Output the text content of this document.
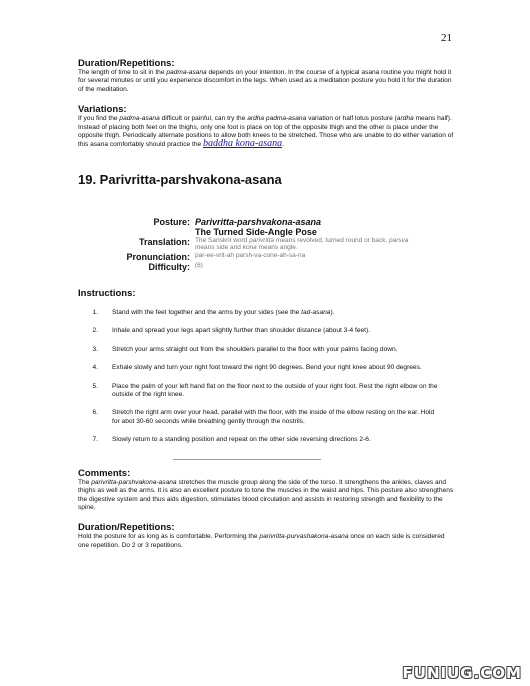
21
Duration/Repetitions:

The length of time to sit in the padma-asana depends on your intention. In the course of a typical asana routine you might hold it for several minutes or until you experience discomfort in the legs. When used as a meditation posture you hold it for the duration of the meditation.

Variations:

If you find the padma-asana difficult or painful, can try the ardha padma-asana variation or half lotus posture (ardha means half). Instead of placing both feet on the thighs, only one foot is place on top of the opposite thigh and the other is place under the opposite thigh. Periodically alternate positions to allow both knees to be stretched. Those who are unable to do either variation of this asana comfortably should practice the baddha kona-asana.

19. Parivritta-parshvakona-asana
Posture: Parivritta-parshvakona-asana
The Turned Side-Angle Pose
Translation: The Sanskrit word parivritta means revolved, turned round or back, parsva means side and kona means angle.
Pronunciation: par-ee-vrit-ah parsh-va-cone-ah-sa-na
Difficulty: (6)
Instructions:
1.	Stand with the feet together and the arms by your sides (see the tad-asana).
2.	Inhale and spread your legs apart slightly further than shoulder distance (about 3-4 feet).
3.	Stretch your arms straight out from the shoulders parallel to the floor with your palms facing down.
4.	Exhale slowly and turn your right foot toward the right 90 degrees. Bend your right knee about 90 degrees.
5.	Place the palm of your left hand flat on the floor next to the outside of your right foot. Rest the right elbow on the outside of the right knee.
6.	Stretch the right arm over your head, parallel with the floor, with the inside of the elbow resting on the ear. Hold for abot 30-60 seconds while breathing gently through the nostrils.
7.	Slowly return to a standing position and repeat on the other side reversing directions 2-6.
Comments:

The parivritta-parshvakona-asana stretches the muscle group along the side of the torso. It strengthens the ankles, claves and thighs as well as the arms. It is also an excellent posture to tone the muscles in the waist and hips. This posture also strengthens the digestive system and thus aids digestion, stimulates blood circulation and assists in restoring strength and flexibility to the spine.

Duration/Repetitions:

Hold the posture for as long as is comfortable. Performing the parivritta-purvashakona-asana once on each side is considered one repetition. Do 2 or 3 repetitions.

FUNIUG.COM
